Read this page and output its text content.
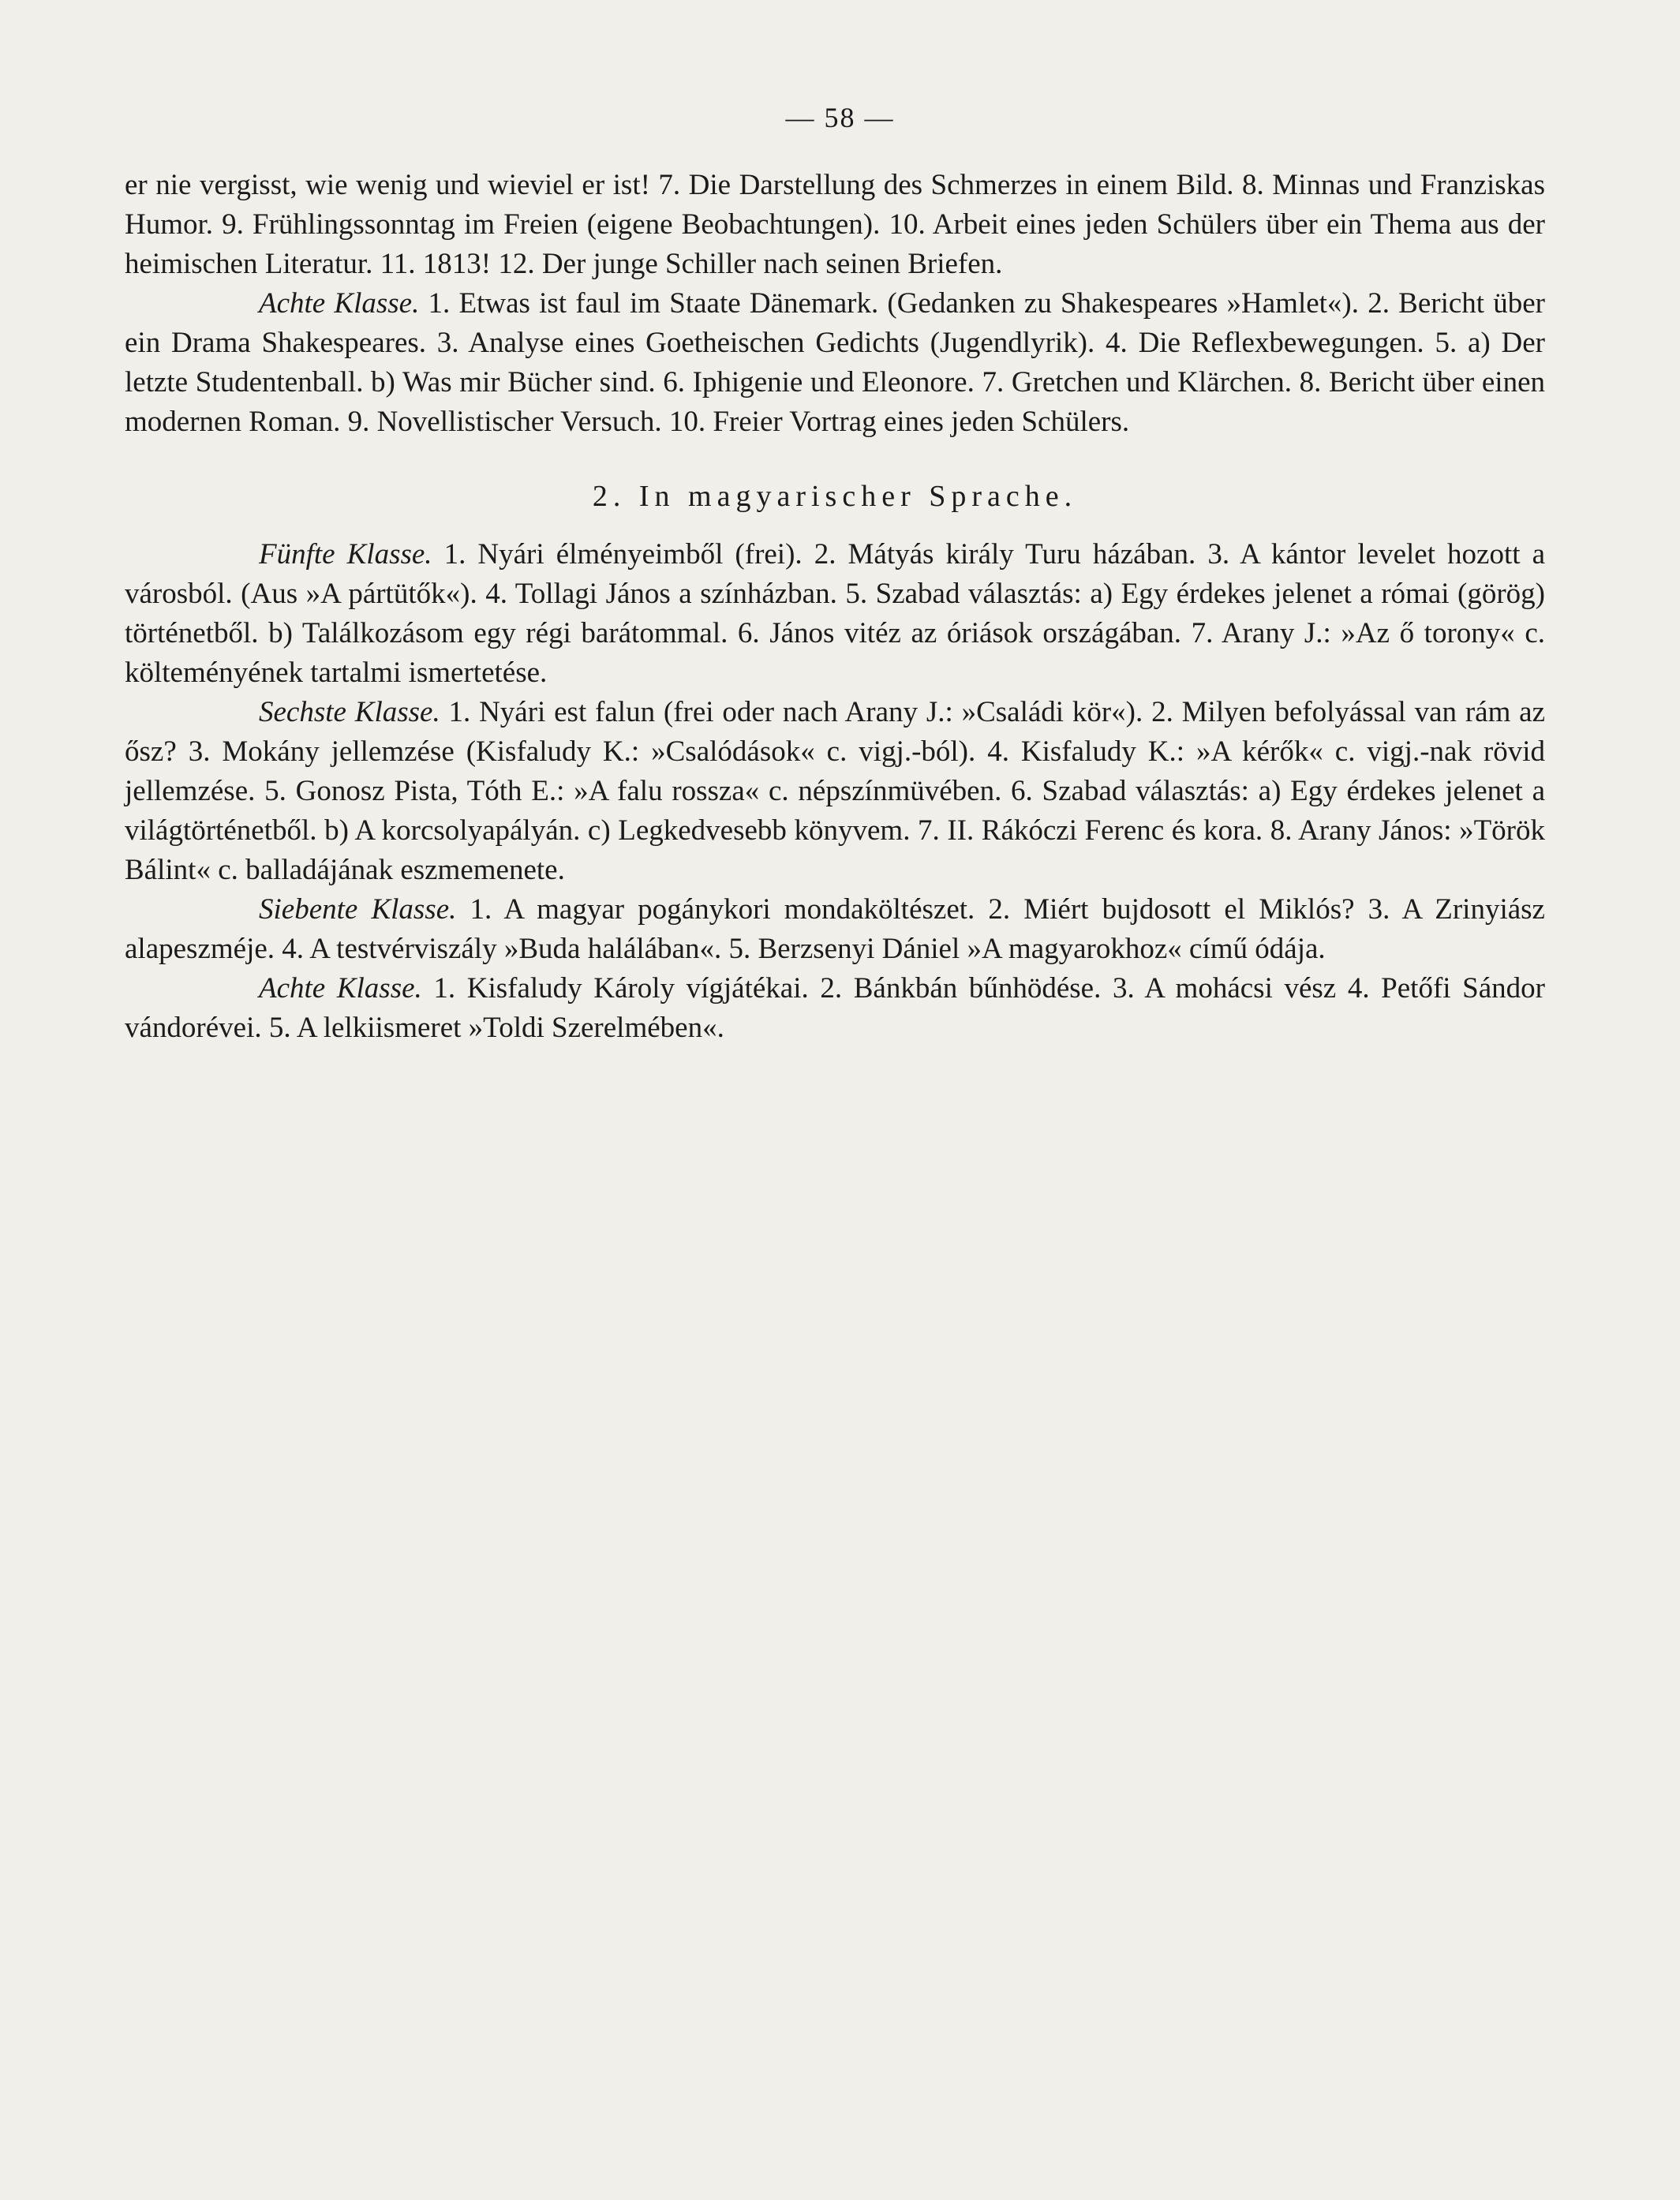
— 58 —

er nie vergisst, wie wenig und wieviel er ist! 7. Die Darstellung des Schmerzes in einem Bild. 8. Minnas und Franziskas Humor. 9. Frühlingssonntag im Freien (eigene Beobachtungen). 10. Arbeit eines jeden Schülers über ein Thema aus der heimischen Literatur. 11. 1813! 12. Der junge Schiller nach seinen Briefen.

Achte Klasse. 1. Etwas ist faul im Staate Dänemark. (Gedanken zu Shakespeares »Hamlet«). 2. Bericht über ein Drama Shakespeares. 3. Analyse eines Goetheischen Gedichts (Jugendlyrik). 4. Die Reflexbewegungen. 5. a) Der letzte Studentenball. b) Was mir Bücher sind. 6. Iphigenie und Eleonore. 7. Gretchen und Klärchen. 8. Bericht über einen modernen Roman. 9. Novellistischer Versuch. 10. Freier Vortrag eines jeden Schülers.

2. In magyarischer Sprache.

Fünfte Klasse. 1. Nyári élményeimből (frei). 2. Mátyás király Turu házában. 3. A kántor levelet hozott a városból. (Aus »A pártütők«). 4. Tollagi János a színházban. 5. Szabad választás: a) Egy érdekes jelenet a római (görög) történetből. b) Találkozásom egy régi barátommal. 6. János vitéz az óriások országában. 7. Arany J.: »Az ő torony« c. költeményének tartalmi ismertetése.

Sechste Klasse. 1. Nyári est falun (frei oder nach Arany J.: »Családi kör«). 2. Milyen befolyással van rám az ősz? 3. Mokány jellemzése (Kisfaludy K.: »Csalódások« c. vigj.-ból). 4. Kisfaludy K.: »A kérők« c. vigj.-nak rövid jellemzése. 5. Gonosz Pista, Tóth E.: »A falu rossza« c. népszínmüvében. 6. Szabad választás: a) Egy érdekes jelenet a világtörténetből. b) A korcsolyapályán. c) Legkedvesebb könyvem. 7. II. Rákóczi Ferenc és kora. 8. Arany János: »Török Bálint« c. balladájának eszmemenete.

Siebente Klasse. 1. A magyar pogánykori mondaköltészet. 2. Miért bujdosott el Miklós? 3. A Zrinyiász alapeszméje. 4. A testvérviszály »Buda halálában«. 5. Berzsenyi Dániel »A magyarokhoz« című ódája.

Achte Klasse. 1. Kisfaludy Károly vígjátékai. 2. Bánkbán bűnhödése. 3. A mohácsi vész 4. Petőfi Sándor vándorévei. 5. A lelkiismeret »Toldi Szerelmében«.
